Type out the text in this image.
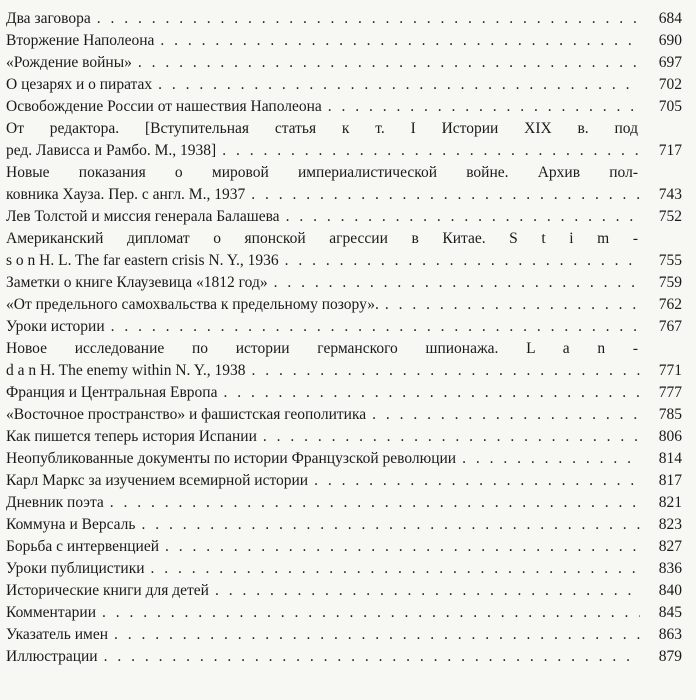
Два заговора . . .	684
Вторжение Наполеона . . .	690
«Рождение войны» . . .	697
О цезарях и о пиратах . . .	702
Освобождение России от нашествия Наполеона . . .	705
От редактора. [Вступительная статья к т. I Истории XIX в. под
ред. Лависса и Рамбо. М., 1938] . . .	717
Новые показания о мировой империалистической войне. Архив пол-
ковника Хауза. Пер. с англ. М., 1937 . . .	743
Лев Толстой и миссия генерала Балашева . . .	752
Американский дипломат о японской агрессии в Китае. S t i m -
s o n H. L. The far eastern crisis N. Y., 1936 . . .	755
Заметки о книге Клаузевица «1812 год» . . .	759
«От предельного самохвальства к предельному позору». . . .	762
Уроки истории . . .	767
Новое исследование по истории германского шпионажа. L a n -
d a n H. The enemy within N. Y., 1938 . . .	771
Франция и Центральная Европа . . .	777
«Восточное пространство» и фашистская геополитика . . .	785
Как пишется теперь история Испании . . .	806
Неопубликованные документы по истории Французской революции . . .	814
Карл Маркс за изучением всемирной истории . . .	817
Дневник поэта . . .	821
Коммуна и Версаль . . .	823
Борьба с интервенцией . . .	827
Уроки публицистики . . .	836
Исторические книги для детей . . .	840
Комментарии . . .	845
Указатель имен . . .	863
Иллюстрации . . .	879
